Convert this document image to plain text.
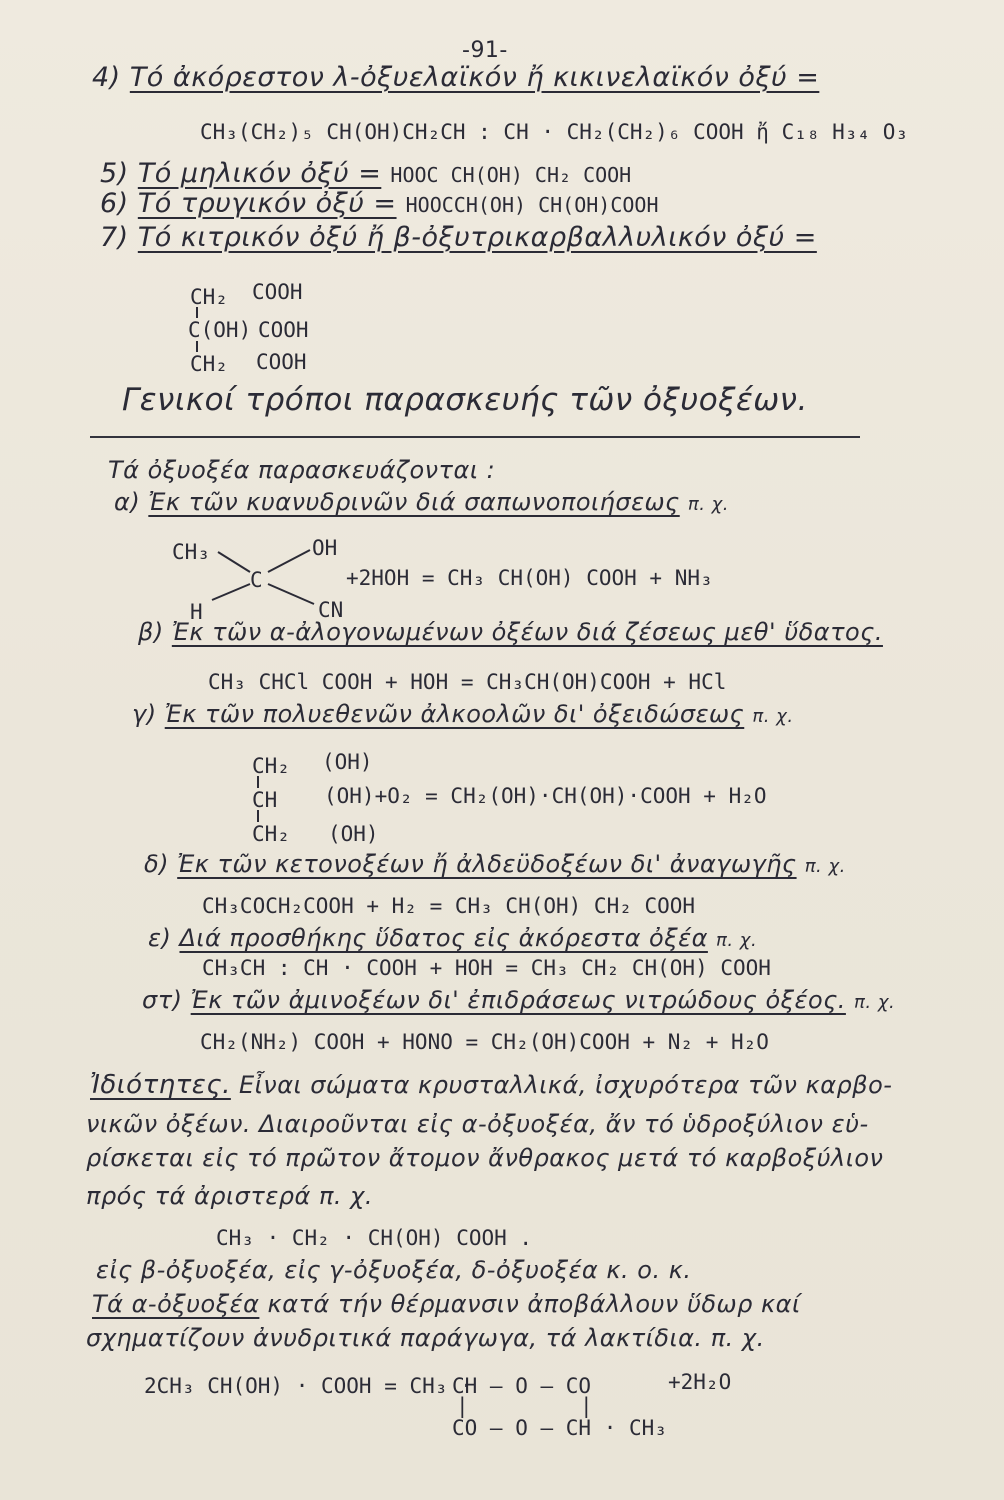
-91-
4) Τό ἀκόρεστον λ-ὀξυελαϊκόν ἤ κικινελαϊκόν ὀξύ =
CH₃(CH₂)₅ CH(OH)CH₂CH : CH · CH₂(CH₂)₆ COOH ἤ C₁₈ H₃₄ O₃
5) Τό μηλικόν ὀξύ = HOOC CH(OH) CH₂ COOH
6) Τό τρυγικόν ὀξύ = HOOCCH(OH) CH(OH)COOH
7) Τό κιτρικόν ὀξύ ἤ β-ὀξυτρικαρβαλλυλικόν ὀξύ =
CH₂ COOH
C(OH) COOH
CH₂ COOH
Γενικοί τρόποι παρασκευής τῶν ὀξυοξέων.
Τά ὀξυοξέα παρασκευάζονται :
α) Ἐκ τῶν κυανυδρινῶν διά σαπωνοποιήσεως π. χ.
CH₃	OH
C
H	CN
+2HOH = CH₃ CH(OH) COOH + NH₃
β) Ἐκ τῶν α-ἀλογονωμένων ὀξέων διά ζέσεως μεθ' ὕδατος.
CH₃ CHCl COOH + HOH = CH₃CH(OH)COOH + HCl
γ) Ἐκ τῶν πολυεθενῶν ἀλκοολῶν δι' ὀξειδώσεως π. χ.
CH₂ (OH)
CH (OH)+O₂ = CH₂(OH)·CH(OH)·COOH + H₂O
CH₂ (OH)
δ) Ἐκ τῶν κετονοξέων ἤ ἀλδεϋδοξέων δι' ἀναγωγῆς π. χ.
CH₃COCH₂COOH + H₂ = CH₃ CH(OH) CH₂ COOH
ε) Διά προσθήκης ὕδατος εἰς ἀκόρεστα ὀξέα π. χ.
CH₃CH : CH · COOH + HOH = CH₃ CH₂ CH(OH) COOH
στ) Ἐκ τῶν ἀμινοξέων δι' ἐπιδράσεως νιτρώδους ὀξέος. π. χ.
CH₂(NH₂) COOH + HONO = CH₂(OH)COOH + N₂ + H₂O
Ἰδιότητες. Εἶναι σώματα κρυσταλλικά, ἰσχυρότερα τῶν καρβο-
νικῶν ὀξέων. Διαιροῦνται εἰς α-ὀξυοξέα, ἄν τό ὑδροξύλιον εὑ-
ρίσκεται εἰς τό πρῶτον ἄτομον ἄνθρακος μετά τό καρβοξύλιον
πρός τά ἀριστερά π. χ.
CH₃ · CH₂ · CH(OH) COOH .
εἰς β-ὀξυοξέα, εἰς γ-ὀξυοξέα, δ-ὀξυοξέα κ. ο. κ.
Τά α-ὀξυοξέα κατά τήν θέρμανσιν ἀποβάλλουν ὕδωρ καί
σχηματίζουν ἀνυδριτικά παράγωγα, τά λακτίδια. π. χ.
2CH₃ CH(OH) · COOH = CH₃ ·
CH — O — CO	+2H₂O
|	|
CO — O — CH · CH₃
